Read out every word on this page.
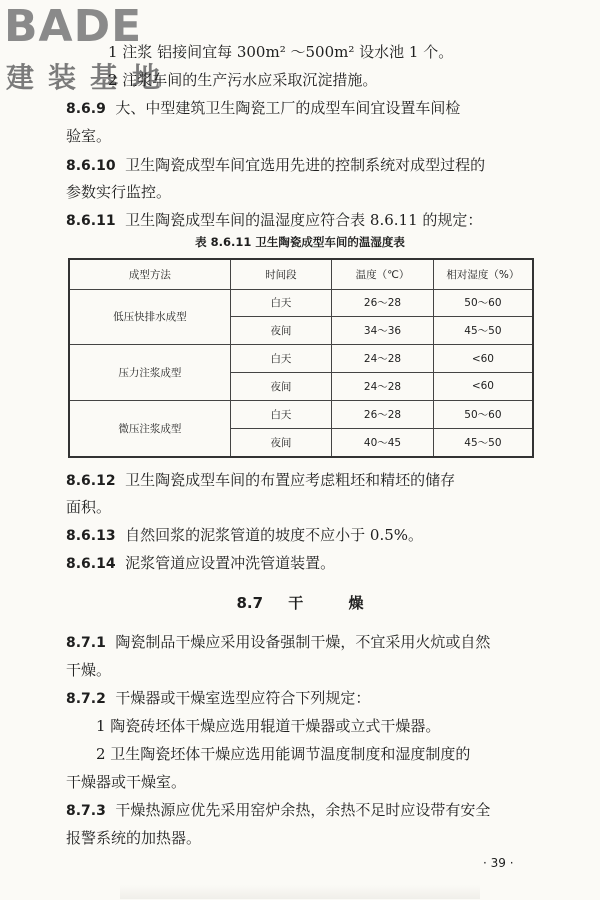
BADE
建装基地
1 注浆 铝接间宜每 300m² ～500m² 设水池 1 个。
2 注浆车间的生产污水应采取沉淀措施。
8.6.9 大、中型建筑卫生陶瓷工厂的成型车间宜设置车间检
验室。
8.6.10 卫生陶瓷成型车间宜选用先进的控制系统对成型过程的
参数实行监控。
8.6.11 卫生陶瓷成型车间的温湿度应符合表 8.6.11 的规定：
表 8.6.11 卫生陶瓷成型车间的温湿度表
成型方法	时间段	温度（℃）	相对湿度（%）
低压快排水成型	白天	26～28	50～60
	夜间	34～36	45～50
压力注浆成型	白天	24～28	<60
	夜间	24～28	<60
微压注浆成型	白天	26～28	50～60
	夜间	40～45	45～50
8.6.12 卫生陶瓷成型车间的布置应考虑粗坯和精坯的储存
面积。
8.6.13 自然回浆的泥浆管道的坡度不应小于 0.5%。
8.6.14 泥浆管道应设置冲洗管道装置。
8.7 干	燥
8.7.1 陶瓷制品干燥应采用设备强制干燥，不宜采用火炕或自然
干燥。
8.7.2 干燥器或干燥室选型应符合下列规定：
1 陶瓷砖坯体干燥应选用辊道干燥器或立式干燥器。
2 卫生陶瓷坯体干燥应选用能调节温度制度和湿度制度的
干燥器或干燥室。
8.7.3 干燥热源应优先采用窑炉余热，余热不足时应设带有安全
报警系统的加热器。
· 39 ·
